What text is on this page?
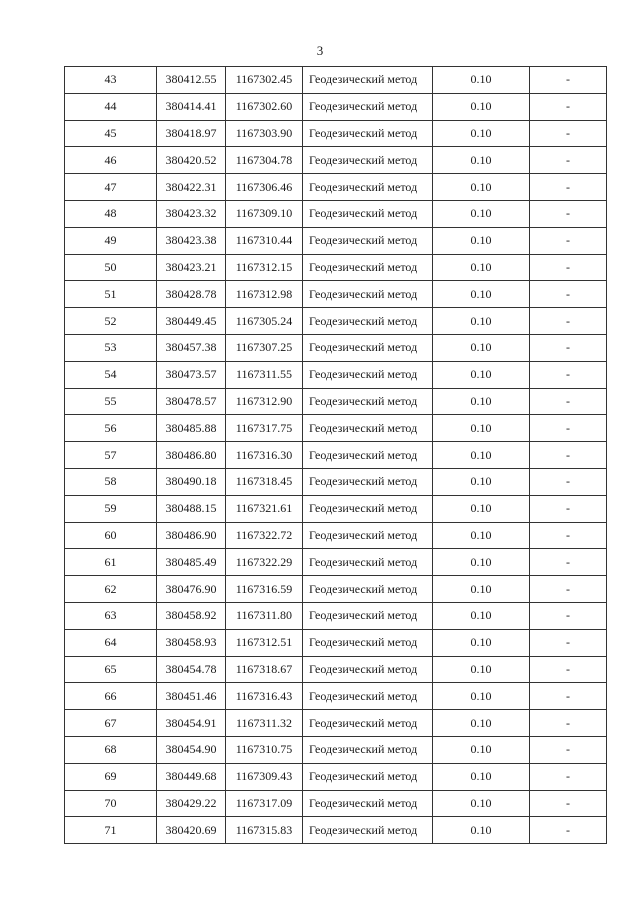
3
43	380412.55	1167302.45	Геодезический метод	0.10	-
44	380414.41	1167302.60	Геодезический метод	0.10	-
45	380418.97	1167303.90	Геодезический метод	0.10	-
46	380420.52	1167304.78	Геодезический метод	0.10	-
47	380422.31	1167306.46	Геодезический метод	0.10	-
48	380423.32	1167309.10	Геодезический метод	0.10	-
49	380423.38	1167310.44	Геодезический метод	0.10	-
50	380423.21	1167312.15	Геодезический метод	0.10	-
51	380428.78	1167312.98	Геодезический метод	0.10	-
52	380449.45	1167305.24	Геодезический метод	0.10	-
53	380457.38	1167307.25	Геодезический метод	0.10	-
54	380473.57	1167311.55	Геодезический метод	0.10	-
55	380478.57	1167312.90	Геодезический метод	0.10	-
56	380485.88	1167317.75	Геодезический метод	0.10	-
57	380486.80	1167316.30	Геодезический метод	0.10	-
58	380490.18	1167318.45	Геодезический метод	0.10	-
59	380488.15	1167321.61	Геодезический метод	0.10	-
60	380486.90	1167322.72	Геодезический метод	0.10	-
61	380485.49	1167322.29	Геодезический метод	0.10	-
62	380476.90	1167316.59	Геодезический метод	0.10	-
63	380458.92	1167311.80	Геодезический метод	0.10	-
64	380458.93	1167312.51	Геодезический метод	0.10	-
65	380454.78	1167318.67	Геодезический метод	0.10	-
66	380451.46	1167316.43	Геодезический метод	0.10	-
67	380454.91	1167311.32	Геодезический метод	0.10	-
68	380454.90	1167310.75	Геодезический метод	0.10	-
69	380449.68	1167309.43	Геодезический метод	0.10	-
70	380429.22	1167317.09	Геодезический метод	0.10	-
71	380420.69	1167315.83	Геодезический метод	0.10	-
